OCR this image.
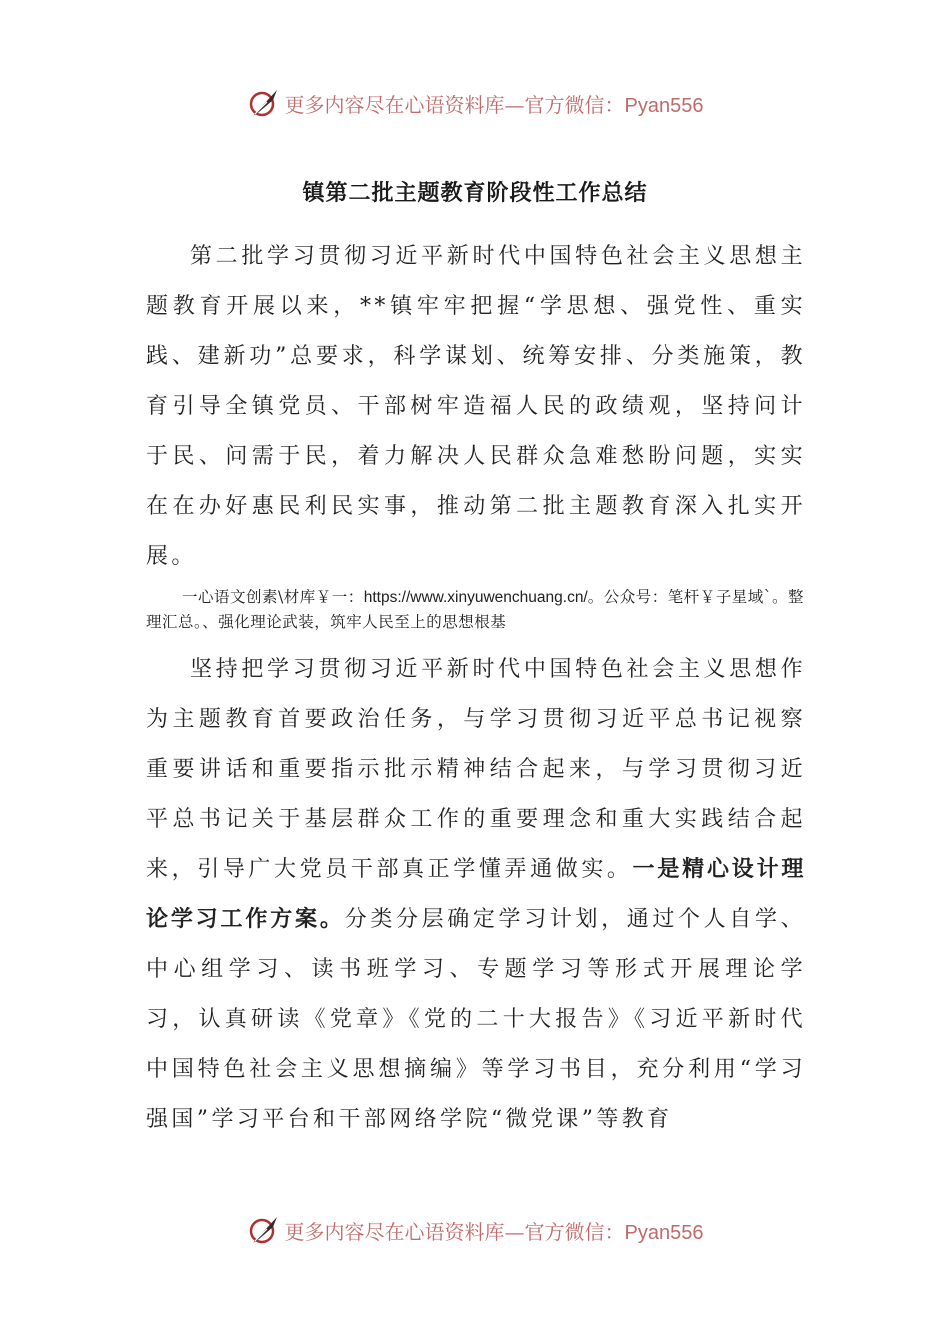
更多内容尽在心语资料库—官方微信：Pyan556
镇第二批主题教育阶段性工作总结

第二批学习贯彻习近平新时代中国特色社会主义思想主题教育开展以来，**镇牢牢把握“学思想、强党性、重实践、建新功”总要求，科学谋划、统筹安排、分类施策，教育引导全镇党员、干部树牢造福人民的政绩观，坚持问计于民、问需于民，着力解决人民群众急难愁盼问题，实实在在办好惠民利民实事，推动第二批主题教育深入扎实开展。

一心语文创素\材库￥一：https://www.xinyuwenchuang.cn/。公众号：笔杆￥子星域`。整理汇总。、强化理论武装，筑牢人民至上的思想根基

坚持把学习贯彻习近平新时代中国特色社会主义思想作为主题教育首要政治任务，与学习贯彻习近平总书记视察重要讲话和重要指示批示精神结合起来，与学习贯彻习近平总书记关于基层群众工作的重要理念和重大实践结合起来，引导广大党员干部真正学懂弄通做实。一是精心设计理论学习工作方案。分类分层确定学习计划，通过个人自学、中心组学习、读书班学习、专题学习等形式开展理论学习，认真研读《党章》《党的二十大报告》《习近平新时代中国特色社会主义思想摘编》等学习书目，充分利用“学习强国”学习平台和干部网络学院“微党课”等教育

更多内容尽在心语资料库—官方微信：Pyan556
